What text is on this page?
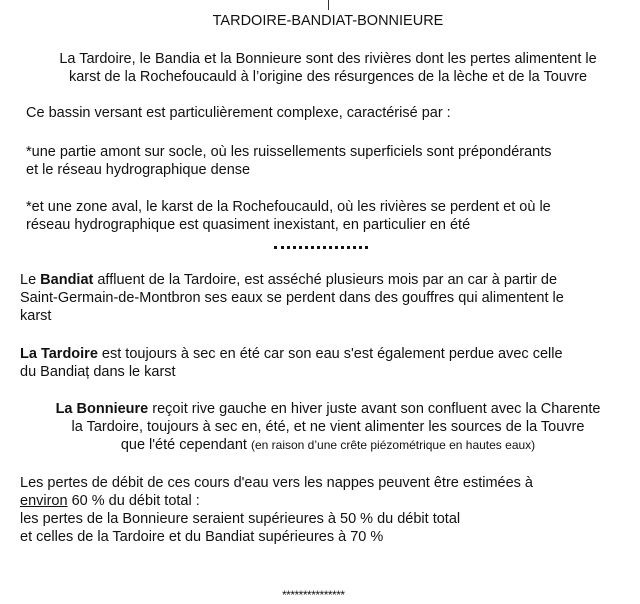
TARDOIRE-BANDIAT-BONNIEURE
La Tardoire, le Bandia et la Bonnieure sont des rivières dont les pertes alimentent le
karst de la Rochefoucauld à l’origine des résurgences de la lèche et de la Touvre
Ce bassin versant est particulièrement complexe, caractérisé par :
*une partie amont sur socle, où les ruissellements superficiels sont prépondérants
et le réseau hydrographique dense
*et une zone aval, le karst de la Rochefoucauld, où les rivières se perdent et où le
réseau hydrographique est quasiment inexistant, en particulier en été
Le Bandiat affluent de la Tardoire, est asséché plusieurs mois par an car à partir de
Saint-Germain-de-Montbron ses eaux se perdent dans des gouffres qui alimentent le
karst
La Tardoire est toujours à sec en été car son eau s'est également perdue avec celle
du Bandiaț dans le karst
La Bonnieure reçoit rive gauche en hiver juste avant son confluent avec la Charente
la Tardoire, toujours à sec en, été, et ne vient alimenter les sources de la Touvre
que l'été cependant (en raison d’une crête piézométrique en hautes eaux)
Les pertes de débit de ces cours d'eau vers les nappes peuvent être estimées à
environ 60 % du débit total :
les pertes de la Bonnieure seraient supérieures à 50 % du débit total
et celles de la Tardoire et du Bandiat supérieures à 70 %
***************
